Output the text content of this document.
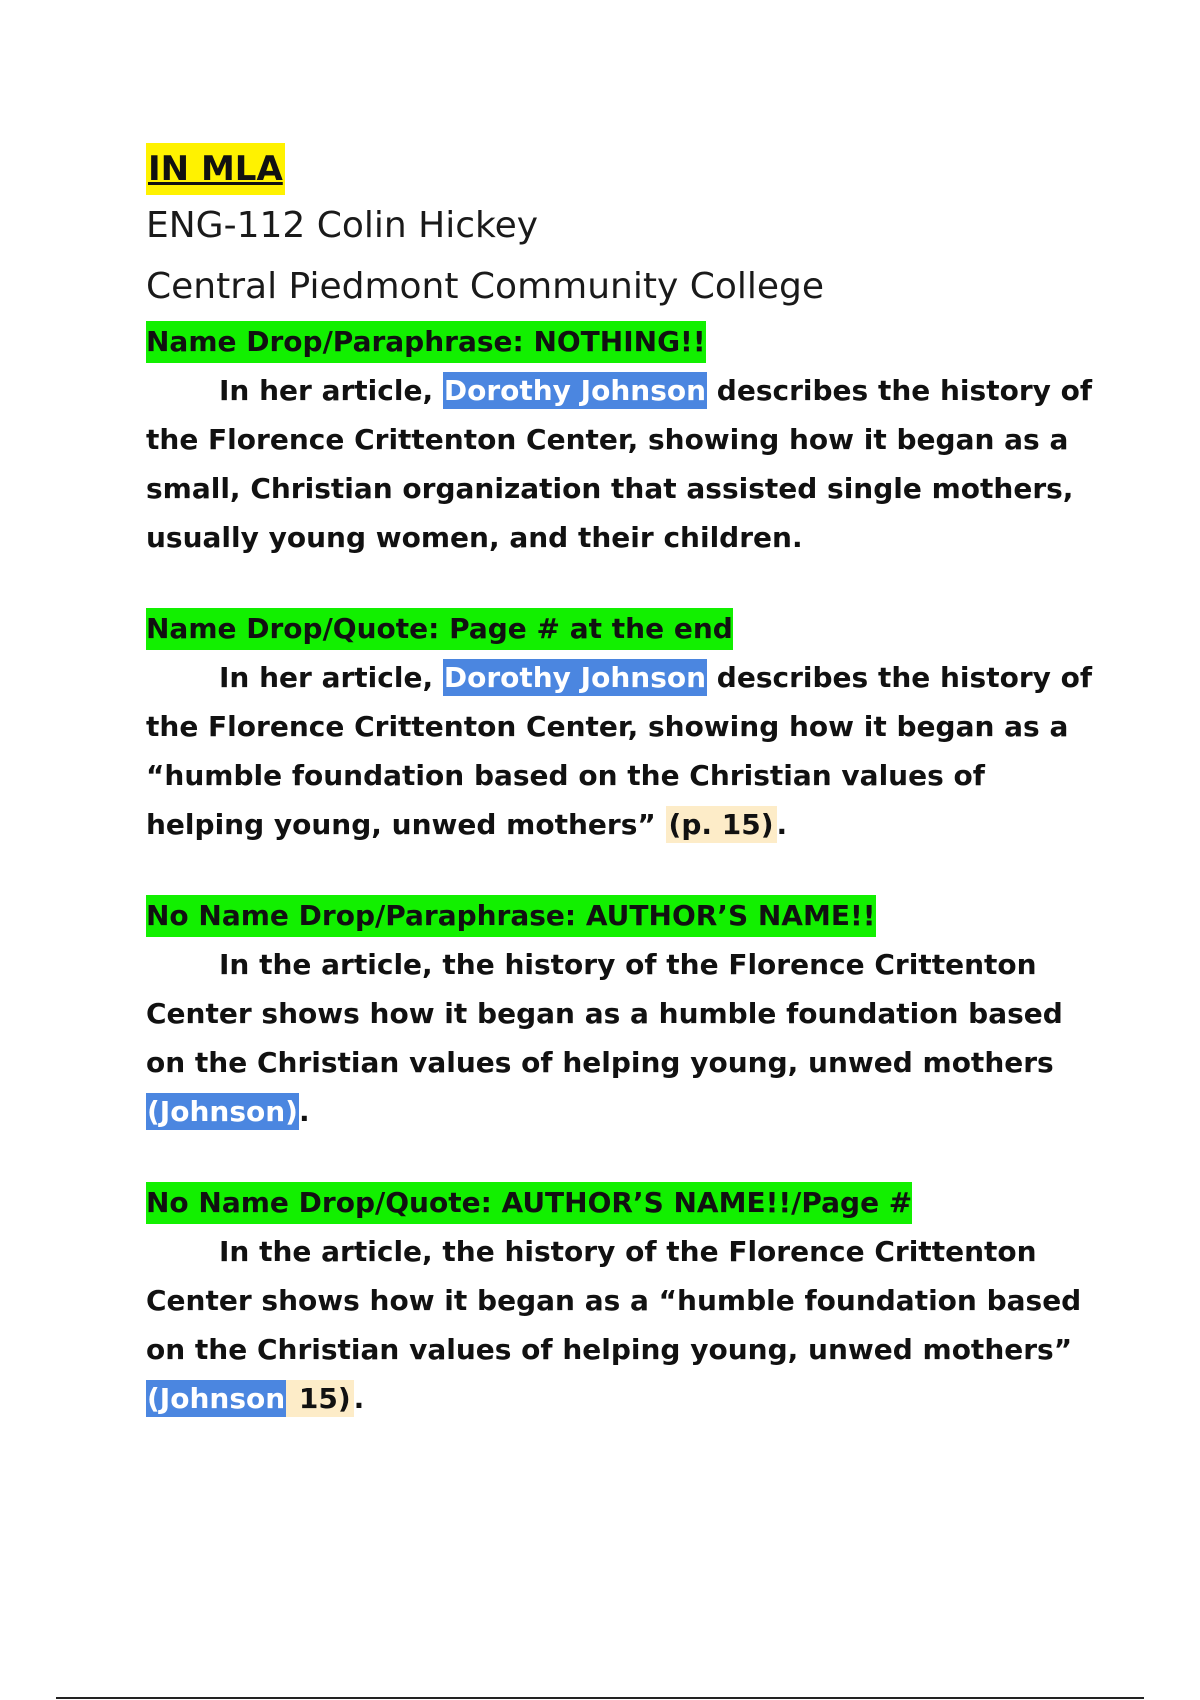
IN MLA
ENG-112 Colin Hickey
Central Piedmont Community College
Name Drop/Paraphrase: NOTHING!!

In her article, Dorothy Johnson describes the history of the Florence Crittenton Center, showing how it began as a small, Christian organization that assisted single mothers, usually young women, and their children.

Name Drop/Quote: Page # at the end

In her article, Dorothy Johnson describes the history of the Florence Crittenton Center, showing how it began as a “humble foundation based on the Christian values of helping young, unwed mothers” (p. 15) .

No Name Drop/Paraphrase: AUTHOR’S NAME!!

In the article, the history of the Florence Crittenton Center shows how it began as a humble foundation based on the Christian values of helping young, unwed mothers (Johnson).

No Name Drop/Quote: AUTHOR’S NAME!!/Page #

In the article, the history of the Florence Crittenton Center shows how it began as a “humble foundation based on the Christian values of helping young, unwed mothers” (Johnson 15) .
